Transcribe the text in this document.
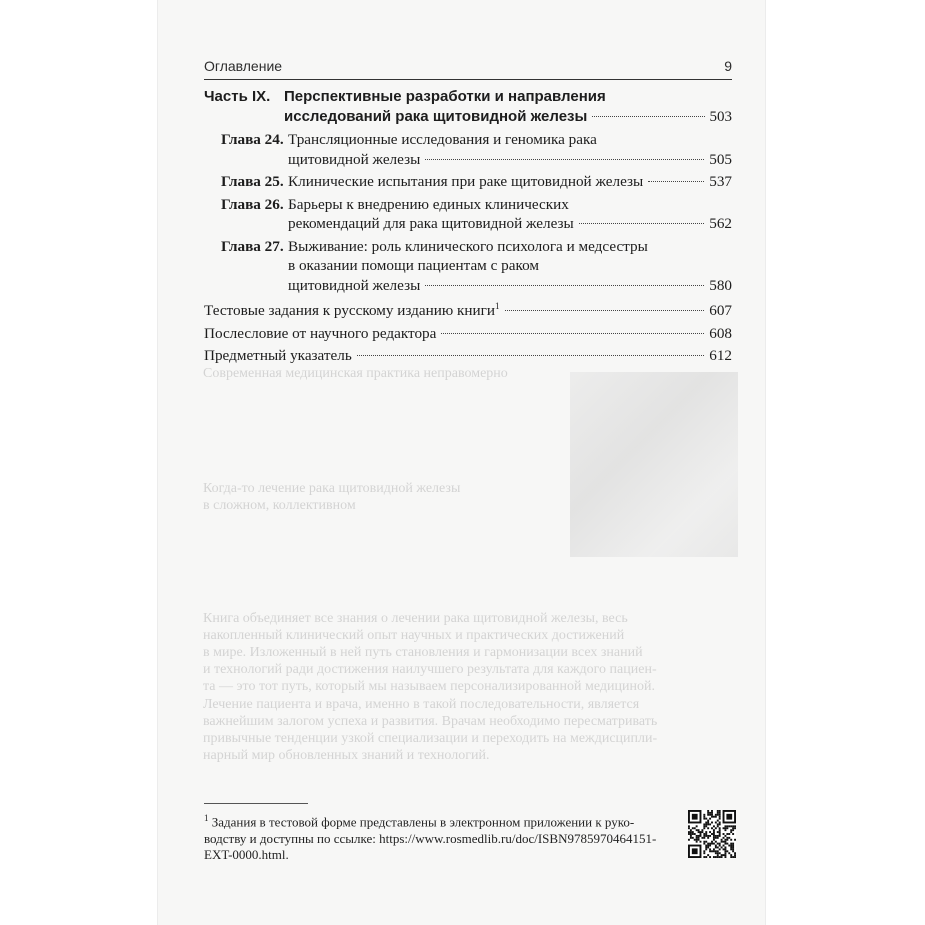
Современная медицинская практика неправомерно

Когда-то лечение рака щитовидной железы

в сложном, коллективном

Книга объединяет все знания о лечении рака щитовидной железы, весь

накопленный клинический опыт научных и практических достижений

в мире. Изложенный в ней путь становления и гармонизации всех знаний

и технологий ради достижения наилучшего результата для каждого пациен-

та — это тот путь, который мы называем персонализированной медициной.

Лечение пациента и врача, именно в такой последовательности, является

важнейшим залогом успеха и развития. Врачам необходимо пересматривать

привычные тенденции узкой специализации и переходить на междисципли-

нарный мир обновленных знаний и технологий.

Оглавление	9
Часть IX. Перспективные разработки и направления
исследований рака щитовидной железы	503
Глава 24. Трансляционные исследования и геномика рака
щитовидной железы	505
Глава 25. Клинические испытания при раке щитовидной железы	537
Глава 26. Барьеры к внедрению единых клинических
рекомендаций для рака щитовидной железы	562
Глава 27. Выживание: роль клинического психолога и медсестры
в оказании помощи пациентам с раком
щитовидной железы	580
Тестовые задания к русскому изданию книги$^1$	607
Послесловие от научного редактора	608
Предметный указатель	612
$^1$ Задания в тестовой форме представлены в электронном приложении к руко-
водству и доступны по ссылке: https://www.rosmedlib.ru/doc/ISBN9785970464151-
EXT-0000.html.
